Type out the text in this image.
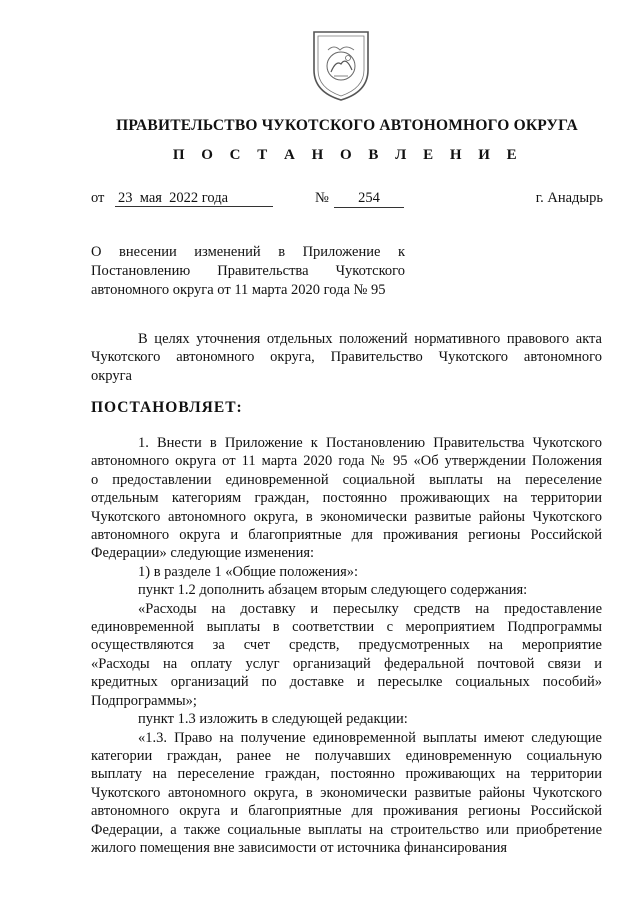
ПРАВИТЕЛЬСТВО ЧУКОТСКОГО АВТОНОМНОГО ОКРУГА
П О С Т А Н О В Л Е Н И Е
от 23  мая  2022 года	№	254	г. Анадырь
О внесении изменений в Приложение к
Постановлению Правительства Чукотского
автономного округа от 11 марта 2020 года № 95
В целях уточнения отдельных положений нормативного правового акта
Чукотского автономного округа, Правительство Чукотского автономного
округа
ПОСТАНОВЛЯЕТ:
1. Внести в Приложение к Постановлению Правительства Чукотского
автономного округа от 11 марта 2020 года № 95 «Об утверждении Положения
о предоставлении единовременной социальной выплаты на переселение
отдельным категориям граждан, постоянно проживающих на территории
Чукотского автономного округа, в экономически развитые районы Чукотского
автономного округа и благоприятные для проживания регионы Российской
Федерации» следующие изменения:
1) в разделе 1 «Общие положения»:
пункт 1.2 дополнить абзацем вторым следующего содержания:
«Расходы на доставку и пересылку средств на предоставление
единовременной выплаты в соответствии с мероприятием Подпрограммы
осуществляются за счет средств, предусмотренных на мероприятие
«Расходы на оплату услуг организаций федеральной почтовой связи и
кредитных организаций по доставке и пересылке социальных пособий»
Подпрограммы»;
пункт 1.3 изложить в следующей редакции:
«1.3. Право на получение единовременной выплаты имеют следующие
категории граждан, ранее не получавших единовременную социальную
выплату на переселение граждан, постоянно проживающих на территории
Чукотского автономного округа, в экономически развитые районы Чукотского
автономного округа и благоприятные для проживания регионы Российской
Федерации, а также социальные выплаты на строительство или приобретение
жилого помещения вне зависимости от источника финансирования
